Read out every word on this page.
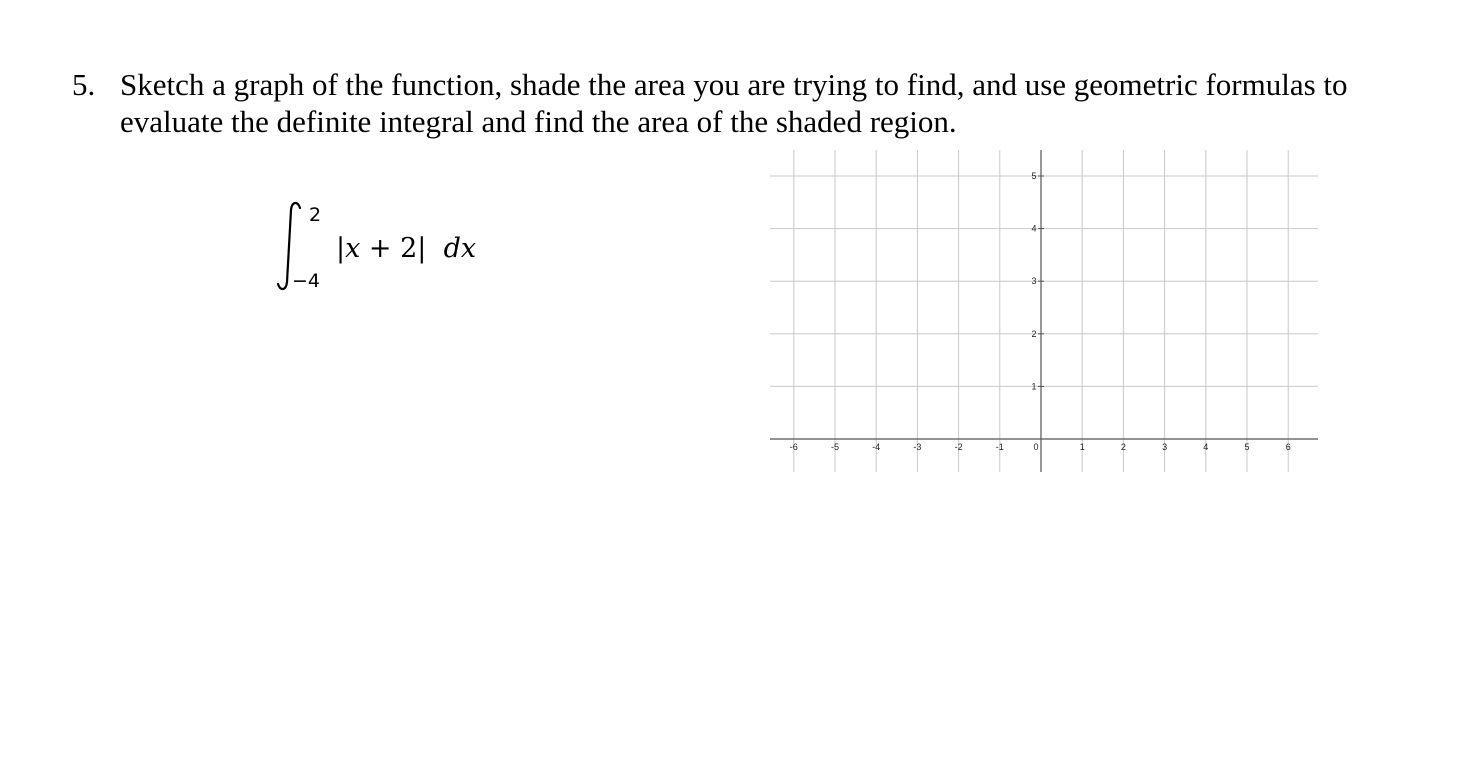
5. Sketch a graph of the function, shade the area you are trying to find, and use geometric formulas to evaluate the definite integral and find the area of the shaded region.
2
−4
|x + 2| dx
-6	-5	-4	-3	-2	-1	0	1	2	3	4	5	6
1
2
3
4
5
